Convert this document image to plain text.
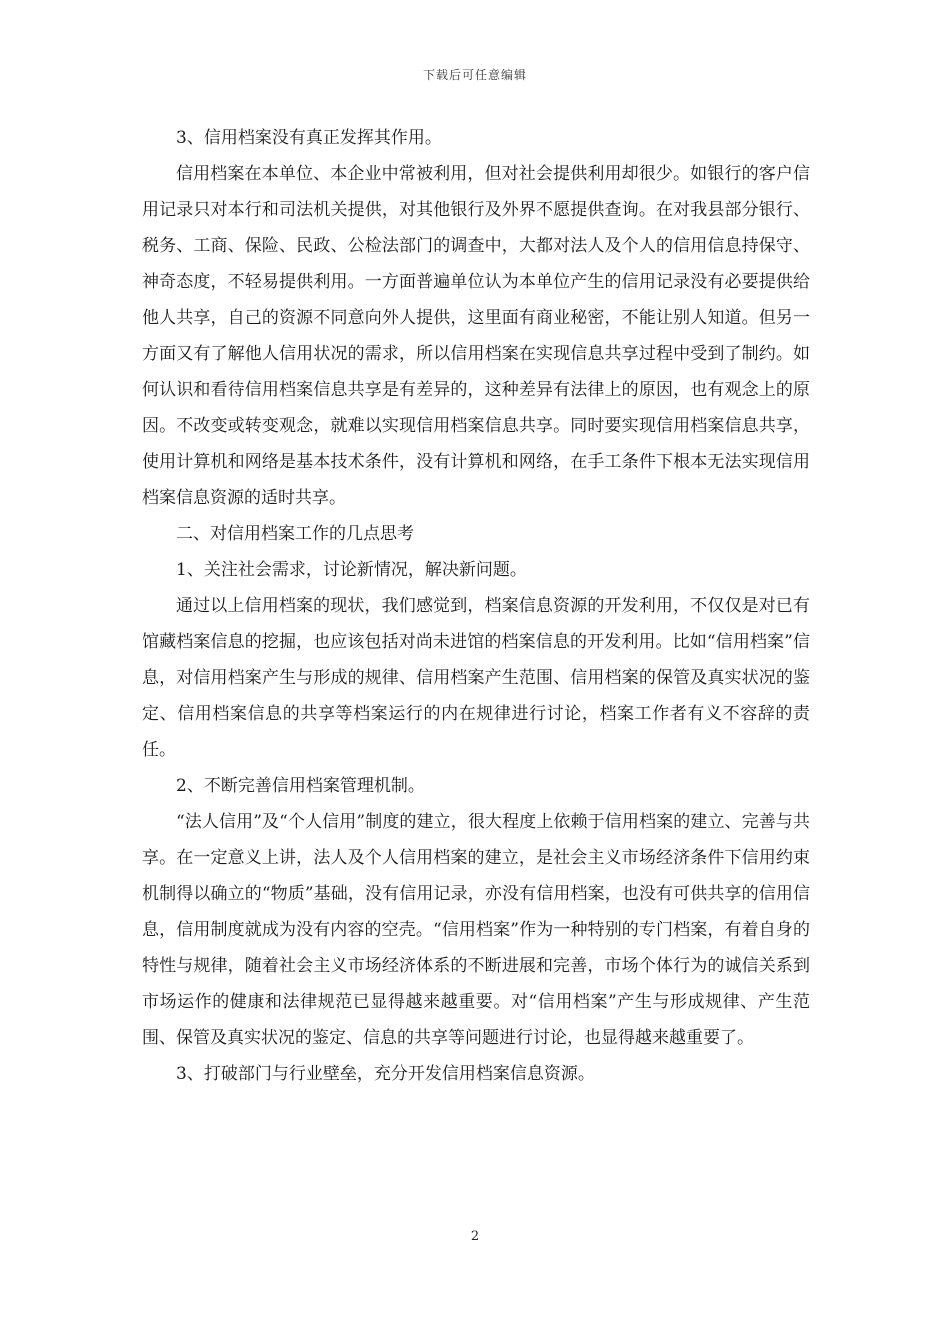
下载后可任意编辑

3、信用档案没有真正发挥其作用。

信用档案在本单位、本企业中常被利用，但对社会提供利用却很少。如银行的客户信用记录只对本行和司法机关提供，对其他银行及外界不愿提供查询。在对我县部分银行、税务、工商、保险、民政、公检法部门的调查中，大都对法人及个人的信用信息持保守、神奇态度，不轻易提供利用。一方面普遍单位认为本单位产生的信用记录没有必要提供给他人共享，自己的资源不同意向外人提供，这里面有商业秘密，不能让别人知道。但另一方面又有了解他人信用状况的需求，所以信用档案在实现信息共享过程中受到了制约。如何认识和看待信用档案信息共享是有差异的，这种差异有法律上的原因，也有观念上的原因。不改变或转变观念，就难以实现信用档案信息共享。同时要实现信用档案信息共享，使用计算机和网络是基本技术条件，没有计算机和网络，在手工条件下根本无法实现信用档案信息资源的适时共享。

二、对信用档案工作的几点思考

1、关注社会需求，讨论新情况，解决新问题。

通过以上信用档案的现状，我们感觉到，档案信息资源的开发利用，不仅仅是对已有馆藏档案信息的挖掘，也应该包括对尚未进馆的档案信息的开发利用。比如“信用档案”信息，对信用档案产生与形成的规律、信用档案产生范围、信用档案的保管及真实状况的鉴定、信用档案信息的共享等档案运行的内在规律进行讨论，档案工作者有义不容辞的责任。

2、不断完善信用档案管理机制。

“法人信用”及“个人信用”制度的建立，很大程度上依赖于信用档案的建立、完善与共享。在一定意义上讲，法人及个人信用档案的建立，是社会主义市场经济条件下信用约束机制得以确立的“物质”基础，没有信用记录，亦没有信用档案，也没有可供共享的信用信息，信用制度就成为没有内容的空壳。“信用档案”作为一种特别的专门档案，有着自身的特性与规律，随着社会主义市场经济体系的不断进展和完善，市场个体行为的诚信关系到市场运作的健康和法律规范已显得越来越重要。对“信用档案”产生与形成规律、产生范围、保管及真实状况的鉴定、信息的共享等问题进行讨论，也显得越来越重要了。

3、打破部门与行业壁垒，充分开发信用档案信息资源。

2
